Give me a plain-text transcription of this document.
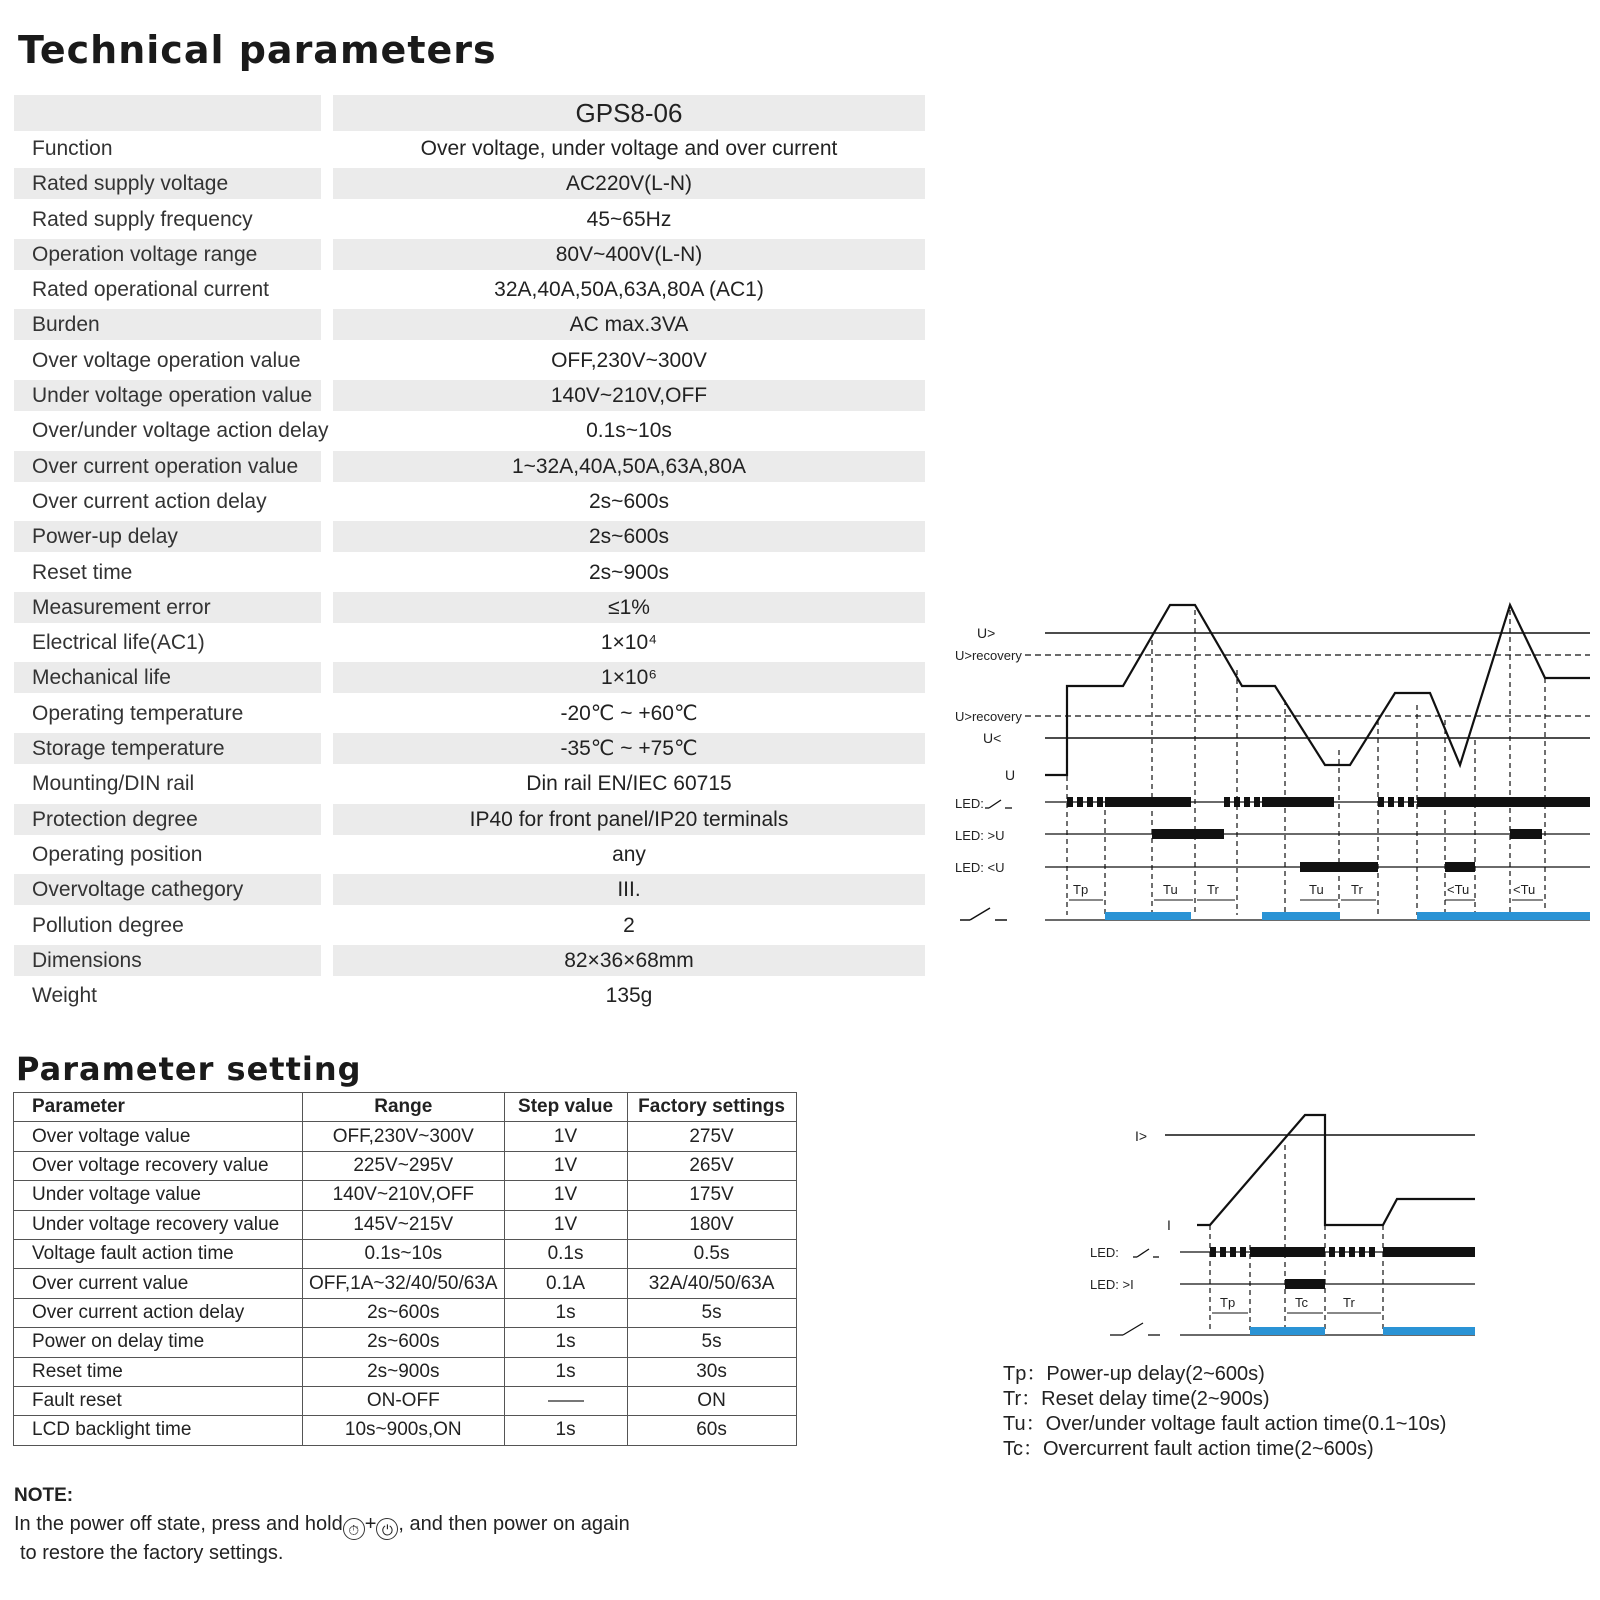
Technical parameters
GPS8-06
Function	Over voltage, under voltage and over current
Rated supply voltage	AC220V(L-N)
Rated supply frequency	45~65Hz
Operation voltage range	80V~400V(L-N)
Rated operational current	32A,40A,50A,63A,80A (AC1)
Burden	AC max.3VA
Over voltage operation value	OFF,230V~300V
Under voltage operation value	140V~210V,OFF
Over/under voltage action delay	0.1s~10s
Over current operation value	1~32A,40A,50A,63A,80A
Over current action delay	2s~600s
Power-up delay	2s~600s
Reset time	2s~900s
Measurement error	≤1%
Electrical life(AC1)	1×10⁴
Mechanical life	1×10⁶
Operating temperature	-20℃ ~ +60℃
Storage temperature	-35℃ ~ +75℃
Mounting/DIN rail	Din rail EN/IEC 60715
Protection degree	IP40 for front panel/IP20 terminals
Operating position	any
Overvoltage cathegory	III.
Pollution degree	2
Dimensions	82×36×68mm
Weight	135g
Parameter setting
Parameter	Range	Step value	Factory settings
Over voltage value	OFF,230V~300V	1V	275V
Over voltage recovery value	225V~295V	1V	265V
Under voltage value	140V~210V,OFF	1V	175V
Under voltage recovery value	145V~215V	1V	180V
Voltage fault action time	0.1s~10s	0.1s	0.5s
Over current value	OFF,1A~32/40/50/63A	0.1A	32A/40/50/63A
Over current action delay	2s~600s	1s	5s
Power on delay time	2s~600s	1s	5s
Reset time	2s~900s	1s	30s
Fault reset	ON-OFF		ON
LCD backlight time	10s~900s,ON	1s	60s
NOTE:
In the power off state, press and hold ⏱ + ⏻ , and then power on again
to restore the factory settings.
U>
U>recovery
U>recovery
U<
U
LED:
LED: >U
LED: <U
Tp	Tu Tr	Tu Tr	<Tu	<Tu
I>
I
LED:
LED: >I
Tp	Tc	Tr
Tp：Power-up delay(2~600s)
Tr：Reset delay time(2~900s)
Tu：Over/under voltage fault action time(0.1~10s)
Tc：Overcurrent fault action time(2~600s)
